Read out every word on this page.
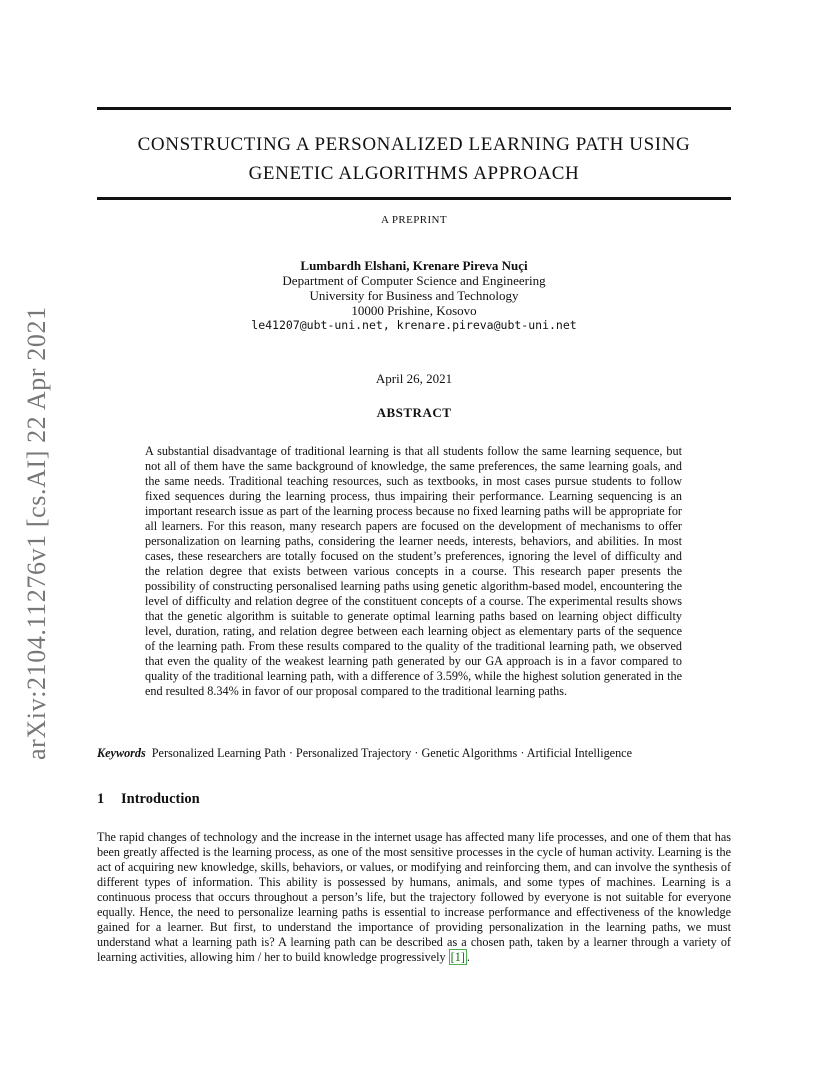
arXiv:2104.11276v1 [cs.AI] 22 Apr 2021
CONSTRUCTING A PERSONALIZED LEARNING PATH USING
GENETIC ALGORITHMS APPROACH
A PREPRINT
Lumbardh Elshani, Krenare Pireva Nuçi
Department of Computer Science and Engineering
University for Business and Technology
10000 Prishine, Kosovo
le41207@ubt-uni.net, krenare.pireva@ubt-uni.net
April 26, 2021
ABSTRACT
A substantial disadvantage of traditional learning is that all students follow the same learning sequence, but not all of them have the same background of knowledge, the same preferences, the same learning goals, and the same needs. Traditional teaching resources, such as textbooks, in most cases pursue students to follow fixed sequences during the learning process, thus impairing their performance. Learning sequencing is an important research issue as part of the learning process because no fixed learning paths will be appropriate for all learners. For this reason, many research papers are focused on the development of mechanisms to offer personalization on learning paths, considering the learner needs, interests, behaviors, and abilities. In most cases, these researchers are totally focused on the student’s preferences, ignoring the level of difficulty and the relation degree that exists between various concepts in a course. This research paper presents the possibility of constructing personalised learning paths using genetic algorithm-based model, encountering the level of difficulty and relation degree of the constituent concepts of a course. The experimental results shows that the genetic algorithm is suitable to generate optimal learning paths based on learning object difficulty level, duration, rating, and relation degree between each learning object as elementary parts of the sequence of the learning path. From these results compared to the quality of the traditional learning path, we observed that even the quality of the weakest learning path generated by our GA approach is in a favor compared to quality of the traditional learning path, with a difference of 3.59%, while the highest solution generated in the end resulted 8.34% in favor of our proposal compared to the traditional learning paths.
Keywords Personalized Learning Path · Personalized Trajectory · Genetic Algorithms · Artificial Intelligence
1 Introduction
The rapid changes of technology and the increase in the internet usage has affected many life processes, and one of them that has been greatly affected is the learning process, as one of the most sensitive processes in the cycle of human activity. Learning is the act of acquiring new knowledge, skills, behaviors, or values, or modifying and reinforcing them, and can involve the synthesis of different types of information. This ability is possessed by humans, animals, and some types of machines. Learning is a continuous process that occurs throughout a person’s life, but the trajectory followed by everyone is not suitable for everyone equally. Hence, the need to personalize learning paths is essential to increase performance and effectiveness of the knowledge gained for a learner. But first, to understand the importance of providing personalization in the learning paths, we must understand what a learning path is? A learning path can be described as a chosen path, taken by a learner through a variety of learning activities, allowing him / her to build knowledge progressively [1] .
